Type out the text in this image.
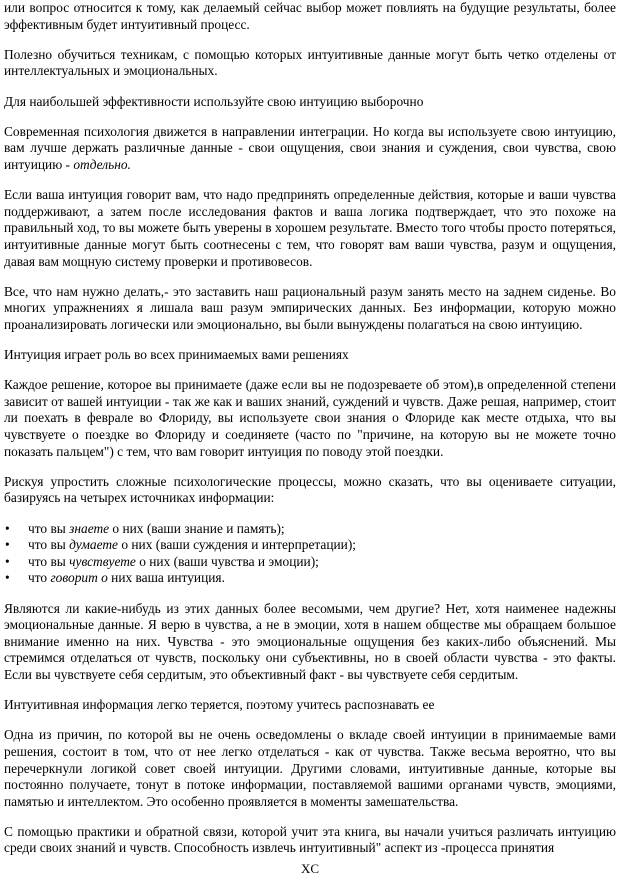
или вопрос относится к тому, как делаемый сейчас выбор может повлиять на будущие результаты, более эффективным будет интуитивный процесс.

Полезно обучиться техникам, с помощью которых интуитивные данные могут быть четко отделены от интеллектуальных и эмоциональных.

Для наибольшей эффективности используйте свою интуицию выборочно

Современная психология движется в направлении интеграции. Но когда вы используете свою интуицию, вам лучше держать различные данные - свои ощущения, свои знания и суждения, свои чувства, свою интуицию - отдельно.

Если ваша интуиция говорит вам, что надо предпринять определенные действия, которые и ваши чувства поддерживают, а затем после исследования фактов и ваша логика подтверждает, что это похоже на правильный ход, то вы можете быть уверены в хорошем результате. Вместо того чтобы просто потеряться, интуитивные данные могут быть соотнесены с тем, что говорят вам ваши чувства, разум и ощущения, давая вам мощную систему проверки и противовесов.

Все, что нам нужно делать,- это заставить наш рациональный разум занять место на заднем сиденье. Во многих упражнениях я лишала ваш разум эмпирических данных. Без информации, которую можно проанализировать логически или эмоционально, вы были вынуждены полагаться на свою интуицию.

Интуиция играет роль во всех принимаемых вами решениях

Каждое решение, которое вы принимаете (даже если вы не подозреваете об этом),в определенной степени зависит от вашей интуиции - так же как и ваших знаний, суждений и чувств. Даже решая, например, стоит ли поехать в феврале во Флориду, вы используете свои знания о Флориде как месте отдыха, что вы чувствуете о поездке во Флориду и соединяете (часто по "причине, на которую вы не можете точно показать пальцем") с тем, что вам говорит интуиция по поводу этой поездки.

Рискуя упростить сложные психологические процессы, можно сказать, что вы оцениваете ситуации, базируясь на четырех источниках информации:

• что вы знаете о них (ваши знание и память);
• что вы думаете о них (ваши суждения и интерпретации);
• что вы чувствуете о них (ваши чувства и эмоции);
• что говорит о них ваша интуиция.

Являются ли какие-нибудь из этих данных более весомыми, чем другие? Нет, хотя наименее надежны эмоциональные данные. Я верю в чувства, а не в эмоции, хотя в нашем обществе мы обращаем большое внимание именно на них. Чувства - это эмоциональные ощущения без каких-либо объяснений. Мы стремимся отделаться от чувств, поскольку они субъективны, но в своей области чувства - это факты. Если вы чувствуете себя сердитым, это объективный факт - вы чувствуете себя сердитым.

Интуитивная информация легко теряется, поэтому учитесь распознавать ее

Одна из причин, по которой вы не очень осведомлены о вкладе своей интуиции в принимаемые вами решения, состоит в том, что от нее легко отделаться - как от чувства. Также весьма вероятно, что вы перечеркнули логикой совет своей интуиции. Другими словами, интуитивные данные, которые вы постоянно получаете, тонут в потоке информации, поставляемой вашими органами чувств, эмоциями, памятью и интеллектом. Это особенно проявляется в моменты замешательства.

С помощью практики и обратной связи, которой учит эта книга, вы начали учиться различать интуицию среди своих знаний и чувств. Способность извлечь интуитивный" аспект из -процесса принятия

XC
